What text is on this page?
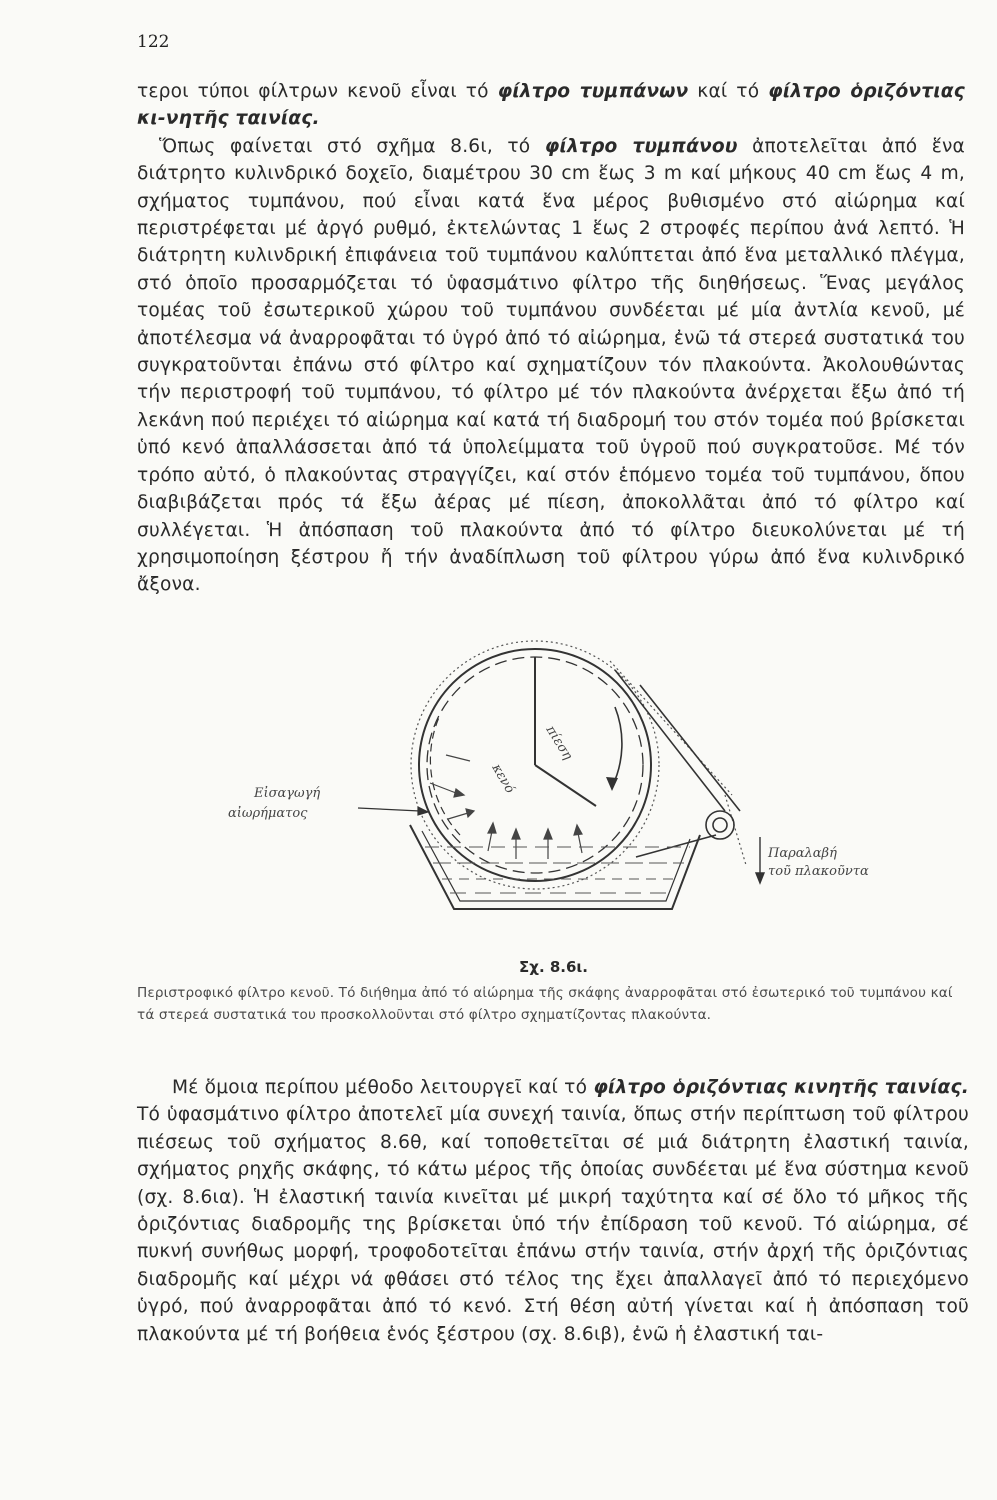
122

τεροι τύποι φίλτρων κενοῦ εἶναι τό φίλτρο τυμπάνων καί τό φίλτρο ὁριζόντιας κι-νητῆς ταινίας.

Ὅπως φαίνεται στό σχῆμα 8.6ι, τό φίλτρο τυμπάνου ἀποτελεῖται ἀπό ἕνα διάτρητο κυλινδρικό δοχεῖο, διαμέτρου 30 cm ἕως 3 m καί μήκους 40 cm ἕως 4 m, σχήματος τυμπάνου, πού εἶναι κατά ἕνα μέρος βυθισμένο στό αἰώρημα καί περιστρέφεται μέ ἀργό ρυθμό, ἐκτελώντας 1 ἕως 2 στροφές περίπου ἀνά λεπτό. Ἡ διάτρητη κυλινδρική ἐπιφάνεια τοῦ τυμπάνου καλύπτεται ἀπό ἕνα μεταλλικό πλέγμα, στό ὁποῖο προσαρμόζεται τό ὑφασμάτινο φίλτρο τῆς διηθήσεως. Ἕνας μεγάλος τομέας τοῦ ἐσωτερικοῦ χώρου τοῦ τυμπάνου συνδέεται μέ μία ἀντλία κενοῦ, μέ ἀποτέλεσμα νά ἀναρροφᾶται τό ὑγρό ἀπό τό αἰώρημα, ἐνῶ τά στερεά συστατικά του συγκρατοῦνται ἐπάνω στό φίλτρο καί σχηματίζουν τόν πλακούντα. Ἀκολουθώντας τήν περιστροφή τοῦ τυμπάνου, τό φίλτρο μέ τόν πλακούντα ἀνέρχεται ἔξω ἀπό τή λεκάνη πού περιέχει τό αἰώρημα καί κατά τή διαδρομή του στόν τομέα πού βρίσκεται ὑπό κενό ἀπαλλάσσεται ἀπό τά ὑπολείμματα τοῦ ὑγροῦ πού συγκρατοῦσε. Μέ τόν τρόπο αὐτό, ὁ πλακούντας στραγγίζει, καί στόν ἑπόμενο τομέα τοῦ τυμπάνου, ὅπου διαβιβάζεται πρός τά ἔξω ἀέρας μέ πίεση, ἀποκολλᾶται ἀπό τό φίλτρο καί συλλέγεται. Ἡ ἀπόσπαση τοῦ πλακούντα ἀπό τό φίλτρο διευκολύνεται μέ τή χρησιμοποίηση ξέστρου ἤ τήν ἀναδίπλωση τοῦ φίλτρου γύρω ἀπό ἕνα κυλινδρικό ἄξονα.

Εἰσαγωγή
αἰωρήματος
κενό
πίεση
Παραλαβή
τοῦ πλακοῦντα
Σχ. 8.6ι.
Περιστροφικό φίλτρο κενοῦ. Τό διήθημα ἀπό τό αἰώρημα τῆς σκάφης ἀναρροφᾶται στό ἐσωτερικό τοῦ τυμπάνου καί τά στερεά συστατικά του προσκολλοῦνται στό φίλτρο σχηματίζοντας πλακούντα.

Μέ ὅμοια περίπου μέθοδο λειτουργεῖ καί τό φίλτρο ὁριζόντιας κινητῆς ταινίας. Τό ὑφασμάτινο φίλτρο ἀποτελεῖ μία συνεχή ταινία, ὅπως στήν περίπτωση τοῦ φίλτρου πιέσεως τοῦ σχήματος 8.6θ, καί τοποθετεῖται σέ μιά διάτρητη ἐλαστική ταινία, σχήματος ρηχῆς σκάφης, τό κάτω μέρος τῆς ὁποίας συνδέεται μέ ἕνα σύστημα κενοῦ (σχ. 8.6ια). Ἡ ἐλαστική ταινία κινεῖται μέ μικρή ταχύτητα καί σέ ὅλο τό μῆκος τῆς ὁριζόντιας διαδρομῆς της βρίσκεται ὑπό τήν ἐπίδραση τοῦ κενοῦ. Τό αἰώρημα, σέ πυκνή συνήθως μορφή, τροφοδοτεῖται ἐπάνω στήν ταινία, στήν ἀρχή τῆς ὁριζόντιας διαδρομῆς καί μέχρι νά φθάσει στό τέλος της ἔχει ἀπαλλαγεῖ ἀπό τό περιεχόμενο ὑγρό, πού ἀναρροφᾶται ἀπό τό κενό. Στή θέση αὐτή γίνεται καί ἡ ἀπόσπαση τοῦ πλακούντα μέ τή βοήθεια ἑνός ξέστρου (σχ. 8.6ιβ), ἐνῶ ἡ ἐλαστική ται-
